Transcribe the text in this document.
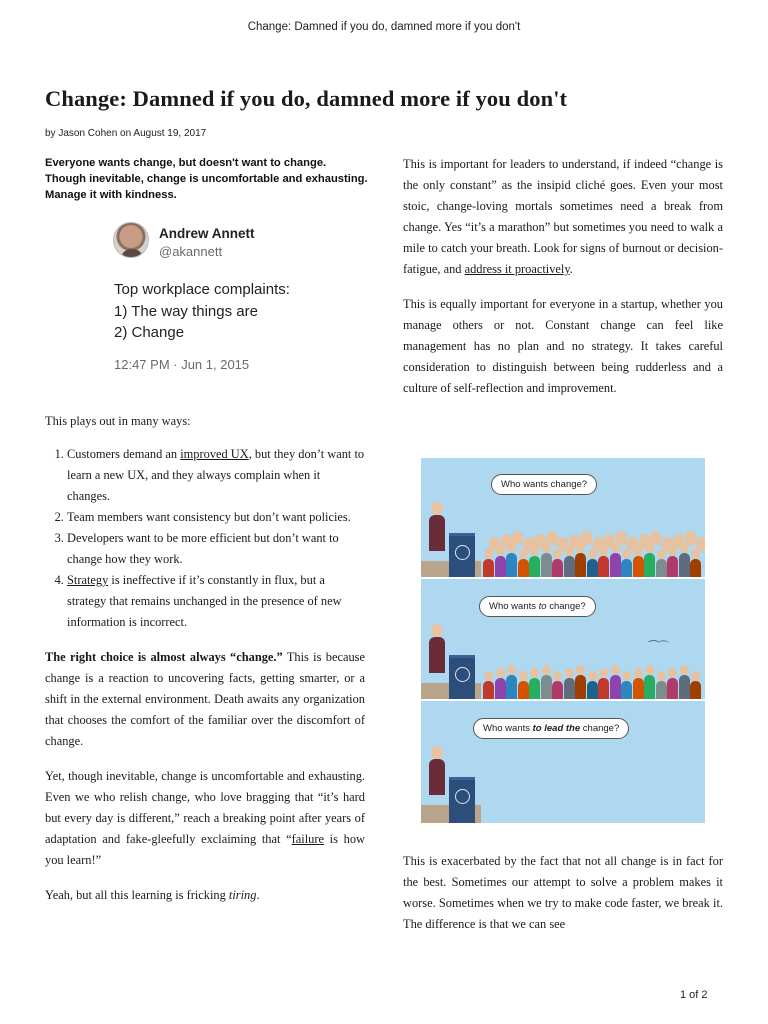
Change: Damned if you do, damned more if you don't
Change: Damned if you do, damned more if you don't
by Jason Cohen on August 19, 2017
Everyone wants change, but doesn't want to change.
Though inevitable, change is uncomfortable and exhausting.
Manage it with kindness.
Andrew Annett
@akannett
Top workplace complaints:
1) The way things are
2) Change
12:47 PM · Jun 1, 2015

This plays out in many ways:

1. Customers demand an improved UX, but they don’t want to learn a new UX, and they always complain when it changes.
2. Team members want consistency but don’t want policies.
3. Developers want to be more efficient but don’t want to change how they work.
4. Strategy is ineffective if it’s constantly in flux, but a strategy that remains unchanged in the presence of new information is incorrect.

The right choice is almost always “change.” This is because change is a reaction to uncovering facts, getting smarter, or a shift in the external environment. Death awaits any organization that chooses the comfort of the familiar over the discomfort of change.

Yet, though inevitable, change is uncomfortable and exhausting. Even we who relish change, who love bragging that “it’s hard but every day is different,” reach a breaking point after years of adaptation and fake-gleefully exclaiming that “failure is how you learn!”

Yeah, but all this learning is fricking tiring.

This is important for leaders to understand, if indeed “change is the only constant” as the insipid cliché goes. Even your most stoic, change-loving mortals sometimes need a break from change. Yes “it’s a marathon” but sometimes you need to walk a mile to catch your breath. Look for signs of burnout or decision-fatigue, and address it proactively.

This is equally important for everyone in a startup, whether you manage others or not. Constant change can feel like management has no plan and no strategy. It takes careful consideration to distinguish between being rudderless and a culture of self-reflection and improvement.

Who wants change?
Who wants to change?
⁀⌒
Who wants to lead the change?

This is exacerbated by the fact that not all change is in fact for the best. Sometimes our attempt to solve a problem makes it worse. Sometimes when we try to make code faster, we break it. The difference is that we can see

1 of 2
